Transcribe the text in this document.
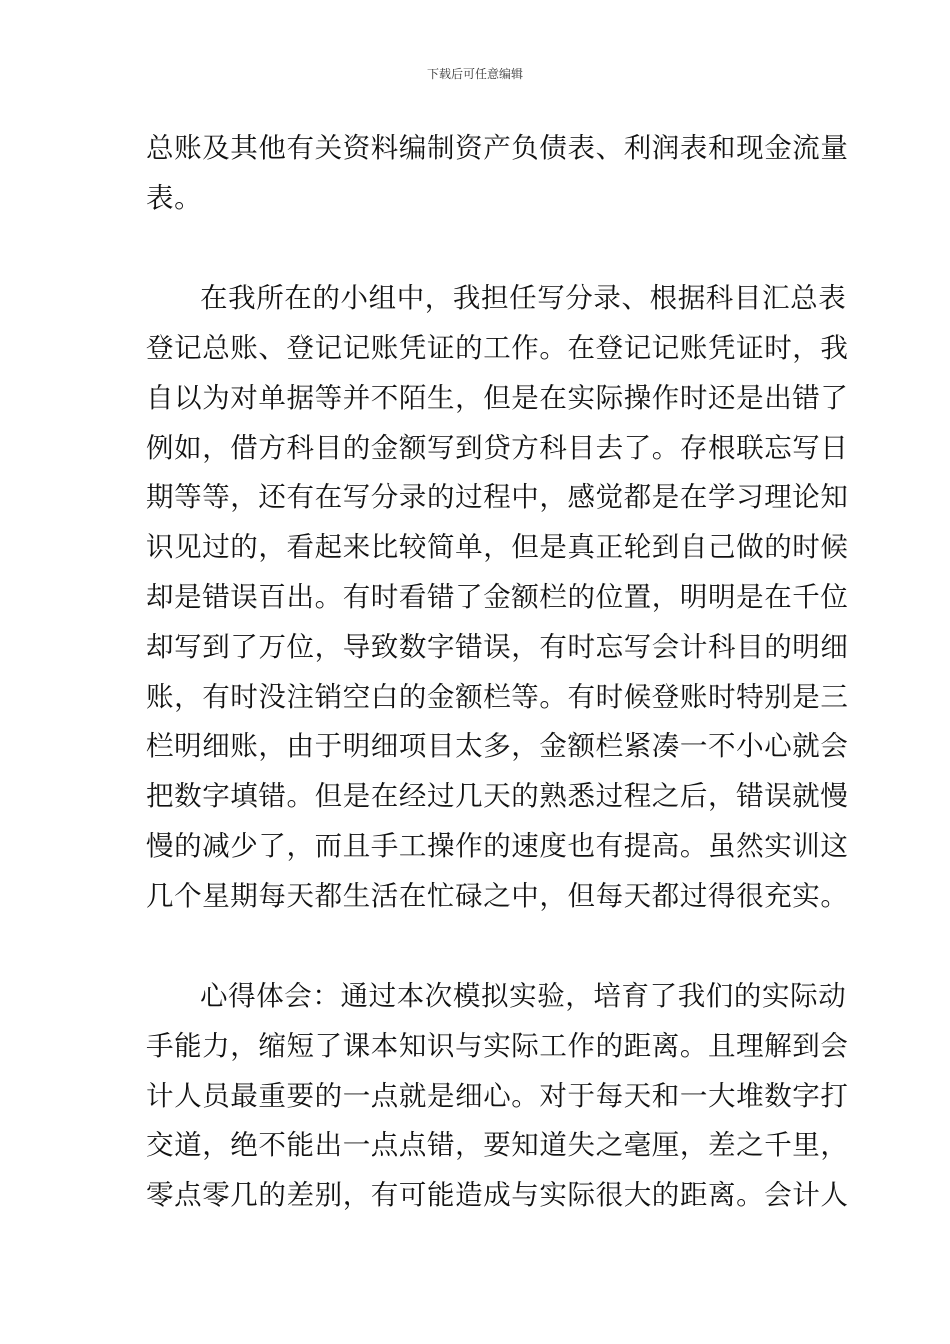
下载后可任意编辑
总账及其他有关资料编制资产负债表、利润表和现金流量
表。
在我所在的小组中，我担任写分录、根据科目汇总表
登记总账、登记记账凭证的工作。在登记记账凭证时，我
自以为对单据等并不陌生，但是在实际操作时还是出错了
例如，借方科目的金额写到贷方科目去了。存根联忘写日
期等等，还有在写分录的过程中，感觉都是在学习理论知
识见过的，看起来比较简单，但是真正轮到自己做的时候
却是错误百出。有时看错了金额栏的位置，明明是在千位
却写到了万位，导致数字错误，有时忘写会计科目的明细
账，有时没注销空白的金额栏等。有时候登账时特别是三
栏明细账，由于明细项目太多，金额栏紧凑一不小心就会
把数字填错。但是在经过几天的熟悉过程之后，错误就慢
慢的减少了，而且手工操作的速度也有提高。虽然实训这
几个星期每天都生活在忙碌之中，但每天都过得很充实。
心得体会：通过本次模拟实验，培育了我们的实际动
手能力，缩短了课本知识与实际工作的距离。且理解到会
计人员最重要的一点就是细心。对于每天和一大堆数字打
交道，绝不能出一点点错，要知道失之毫厘，差之千里，
零点零几的差别，有可能造成与实际很大的距离。会计人
